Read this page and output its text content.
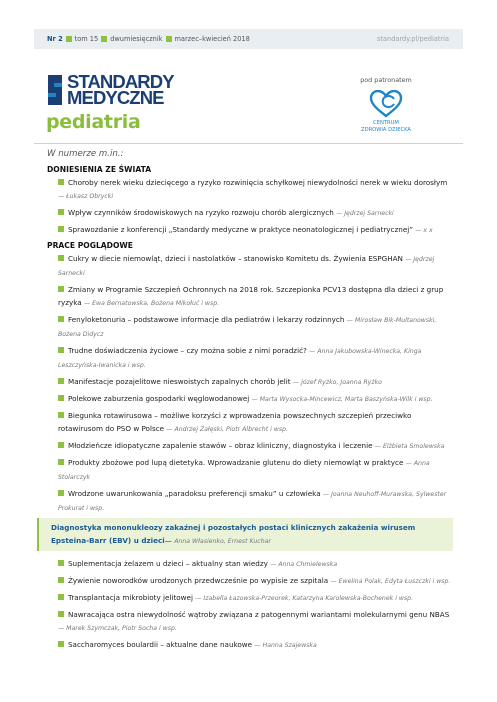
Nr 2 tom 15 dwumiesięcznik marzec–kwiecień 2018	standardy.pl/pediatria
STANDARDY
MEDYCZNE
pediatria
pod patronatem
CENTRUM
ZDROWIA DZIECKA
W numerze m.in.:
DONIESIENIA ZE ŚWIATA
Choroby nerek wieku dziecięcego a ryzyko rozwinięcia schyłkowej niewydolności nerek w wieku dorosłym
— Łukasz Obrycki
Wpływ czynników środowiskowych na ryzyko rozwoju chorób alergicznych — Jędrzej Sarnecki
Sprawozdanie z konferencji „Standardy medyczne w praktyce neonatologicznej i pediatrycznej” — x x
PRACE POGLĄDOWE
Cukry w diecie niemowląt, dzieci i nastolatków – stanowisko Komitetu ds. Żywienia ESPGHAN — Jędrzej Sarnecki
Zmiany w Programie Szczepień Ochronnych na 2018 rok. Szczepionka PCV13 dostępna dla dzieci z grup ryzyka — Ewa Bernatowska, Bożena Mikołuć i wsp.
Fenyloketonuria – podstawowe informacje dla pediatrów i lekarzy rodzinnych — Mirosław Bik-Multanowski, Bożena Didycz
Trudne doświadczenia życiowe – czy można sobie z nimi poradzić? — Anna Jakubowska-Winecka, Kinga Leszczyńska-Iwanicka i wsp.
Manifestacje pozajelitowe nieswoistych zapalnych chorób jelit — Józef Ryżko, Joanna Ryżko
Polekowe zaburzenia gospodarki węglowodanowej — Marta Wysocka-Mincewicz, Marta Baszyńska-Wilk i wsp.
Biegunka rotawirusowa – możliwe korzyści z wprowadzenia powszechnych szczepień przeciwko rotawirusom do PSO w Polsce — Andrzej Załęski, Piotr Albrecht i wsp.
Młodzieńcze idiopatyczne zapalenie stawów – obraz kliniczny, diagnostyka i leczenie — Elżbieta Smolewska
Produkty zbożowe pod lupą dietetyka. Wprowadzanie glutenu do diety niemowląt w praktyce — Anna Stolarczyk
Wrodzone uwarunkowania „paradoksu preferencji smaku” u człowieka — Joanna Neuhoff-Murawska, Sylwester Prokurat i wsp.
Diagnostyka mononukleozy zakaźnej i pozostałych postaci klinicznych zakażenia wirusem Epsteina-Barr (EBV) u dzieci— Anna Własienko, Ernest Kuchar
Suplementacja żelazem u dzieci – aktualny stan wiedzy — Anna Chmielewska
Żywienie noworodków urodzonych przedwcześnie po wypisie ze szpitala — Ewelina Polak, Edyta Łuszczki i wsp.
Transplantacja mikrobioty jelitowej — Izabella Łazowska-Przeorek, Katarzyna Karolewska-Bochenek i wsp.
Nawracająca ostra niewydolność wątroby związana z patogennymi wariantami molekularnymi genu NBAS — Marek Szymczak, Piotr Socha i wsp.
Saccharomyces boulardii – aktualne dane naukowe — Hanna Szajewska
